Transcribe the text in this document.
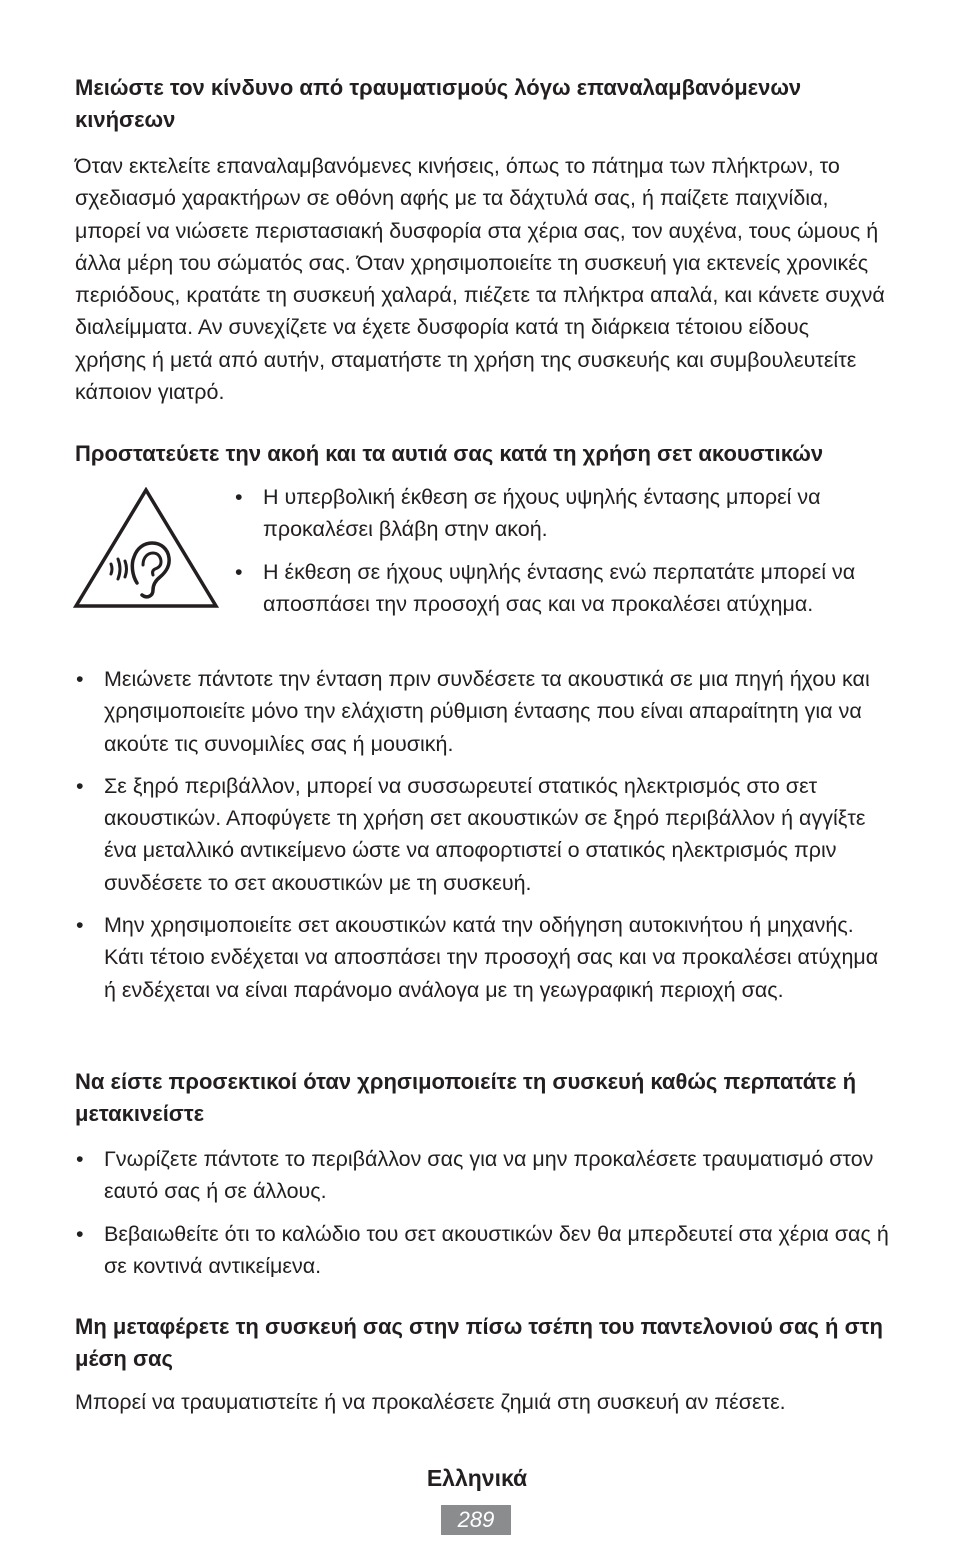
Μειώστε τον κίνδυνο από τραυματισμούς λόγω επαναλαμβανόμενων κινήσεων

Όταν εκτελείτε επαναλαμβανόμενες κινήσεις, όπως το πάτημα των πλήκτρων, το σχεδιασμό χαρακτήρων σε οθόνη αφής με τα δάχτυλά σας, ή παίζετε παιχνίδια, μπορεί να νιώσετε περιστασιακή δυσφορία στα χέρια σας, τον αυχένα, τους ώμους ή άλλα μέρη του σώματός σας. Όταν χρησιμοποιείτε τη συσκευή για εκτενείς χρονικές περιόδους, κρατάτε τη συσκευή χαλαρά, πιέζετε τα πλήκτρα απαλά, και κάνετε συχνά διαλείμματα. Αν συνεχίζετε να έχετε δυσφορία κατά τη διάρκεια τέτοιου είδους χρήσης ή μετά από αυτήν, σταματήστε τη χρήση της συσκευής και συμβουλευτείτε κάποιον γιατρό.

Προστατεύετε την ακοή και τα αυτιά σας κατά τη χρήση σετ ακουστικών
• Η υπερβολική έκθεση σε ήχους υψηλής έντασης μπορεί να προκαλέσει βλάβη στην ακοή.
• Η έκθεση σε ήχους υψηλής έντασης ενώ περπατάτε μπορεί να αποσπάσει την προσοχή σας και να προκαλέσει ατύχημα.
• Μειώνετε πάντοτε την ένταση πριν συνδέσετε τα ακουστικά σε μια πηγή ήχου και χρησιμοποιείτε μόνο την ελάχιστη ρύθμιση έντασης που είναι απαραίτητη για να ακούτε τις συνομιλίες σας ή μουσική.
• Σε ξηρό περιβάλλον, μπορεί να συσσωρευτεί στατικός ηλεκτρισμός στο σετ ακουστικών. Αποφύγετε τη χρήση σετ ακουστικών σε ξηρό περιβάλλον ή αγγίξτε ένα μεταλλικό αντικείμενο ώστε να αποφορτιστεί ο στατικός ηλεκτρισμός πριν συνδέσετε το σετ ακουστικών με τη συσκευή.
• Μην χρησιμοποιείτε σετ ακουστικών κατά την οδήγηση αυτοκινήτου ή μηχανής. Κάτι τέτοιο ενδέχεται να αποσπάσει την προσοχή σας και να προκαλέσει ατύχημα ή ενδέχεται να είναι παράνομο ανάλογα με τη γεωγραφική περιοχή σας.
Να είστε προσεκτικοί όταν χρησιμοποιείτε τη συσκευή καθώς περπατάτε ή μετακινείστε
• Γνωρίζετε πάντοτε το περιβάλλον σας για να μην προκαλέσετε τραυματισμό στον εαυτό σας ή σε άλλους.
• Βεβαιωθείτε ότι το καλώδιο του σετ ακουστικών δεν θα μπερδευτεί στα χέρια σας ή σε κοντινά αντικείμενα.
Μη μεταφέρετε τη συσκευή σας στην πίσω τσέπη του παντελονιού σας ή στη μέση σας

Μπορεί να τραυματιστείτε ή να προκαλέσετε ζημιά στη συσκευή αν πέσετε.

Ελληνικά
289
